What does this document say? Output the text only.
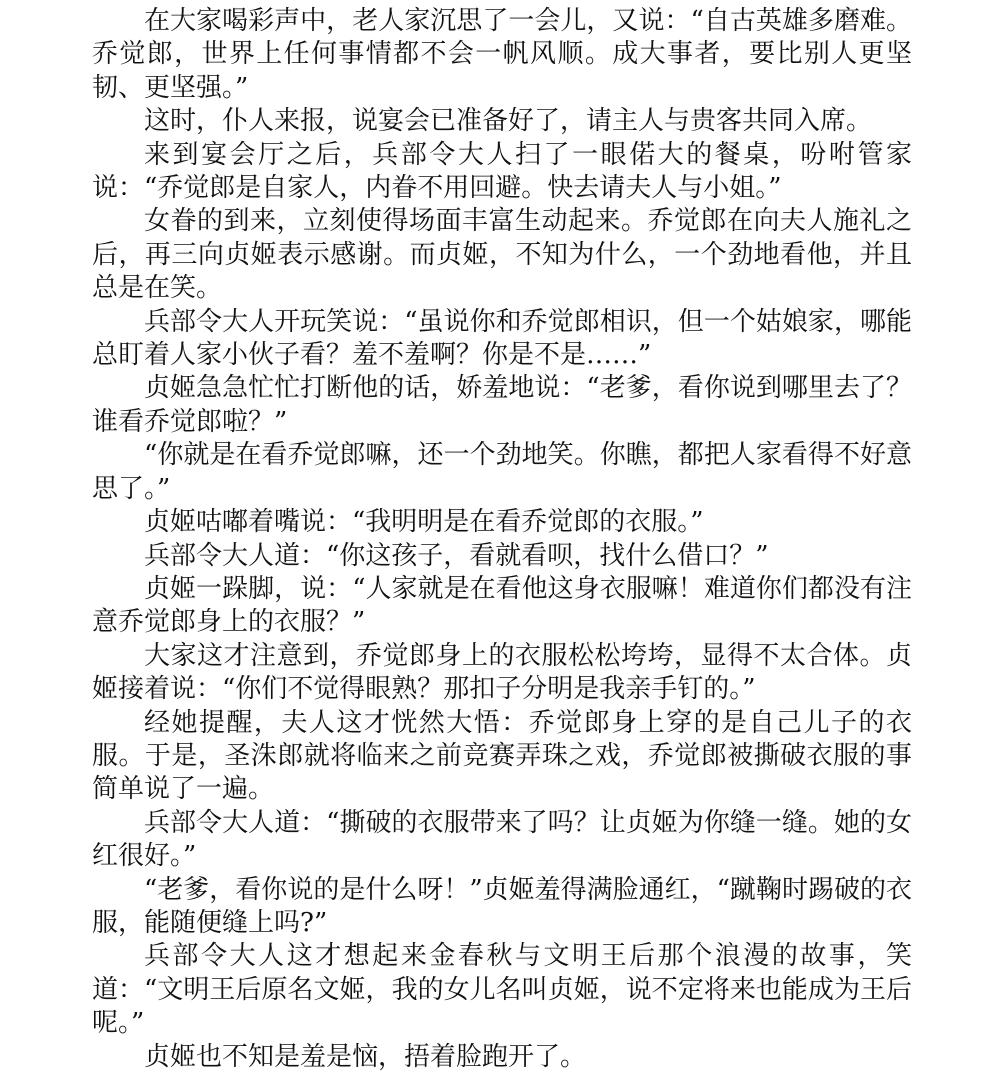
在大家喝彩声中，老人家沉思了一会儿，又说：“自古英雄多磨难。乔觉郎，世界上任何事情都不会一帆风顺。成大事者，要比别人更坚韧、更坚强。”

这时，仆人来报，说宴会已准备好了，请主人与贵客共同入席。

来到宴会厅之后，兵部令大人扫了一眼偌大的餐桌，吩咐管家说：“乔觉郎是自家人，内眷不用回避。快去请夫人与小姐。”

女眷的到来，立刻使得场面丰富生动起来。乔觉郎在向夫人施礼之后，再三向贞姬表示感谢。而贞姬，不知为什么，一个劲地看他，并且总是在笑。

兵部令大人开玩笑说：“虽说你和乔觉郎相识，但一个姑娘家，哪能总盯着人家小伙子看？羞不羞啊？你是不是……”

贞姬急急忙忙打断他的话，娇羞地说：“老爹，看你说到哪里去了？谁看乔觉郎啦？”

“你就是在看乔觉郎嘛，还一个劲地笑。你瞧，都把人家看得不好意思了。”

贞姬咕嘟着嘴说：“我明明是在看乔觉郎的衣服。”

兵部令大人道：“你这孩子，看就看呗，找什么借口？”

贞姬一跺脚，说：“人家就是在看他这身衣服嘛！难道你们都没有注意乔觉郎身上的衣服？”

大家这才注意到，乔觉郎身上的衣服松松垮垮，显得不太合体。贞姬接着说：“你们不觉得眼熟？那扣子分明是我亲手钉的。”

经她提醒，夫人这才恍然大悟：乔觉郎身上穿的是自己儿子的衣服。于是，圣洙郎就将临来之前竞赛弄珠之戏，乔觉郎被撕破衣服的事简单说了一遍。

兵部令大人道：“撕破的衣服带来了吗？让贞姬为你缝一缝。她的女红很好。”

“老爹，看你说的是什么呀！”贞姬羞得满脸通红，“蹴鞠时踢破的衣服，能随便缝上吗?”

兵部令大人这才想起来金春秋与文明王后那个浪漫的故事，笑道：“文明王后原名文姬，我的女儿名叫贞姬，说不定将来也能成为王后呢。”

贞姬也不知是羞是恼，捂着脸跑开了。
